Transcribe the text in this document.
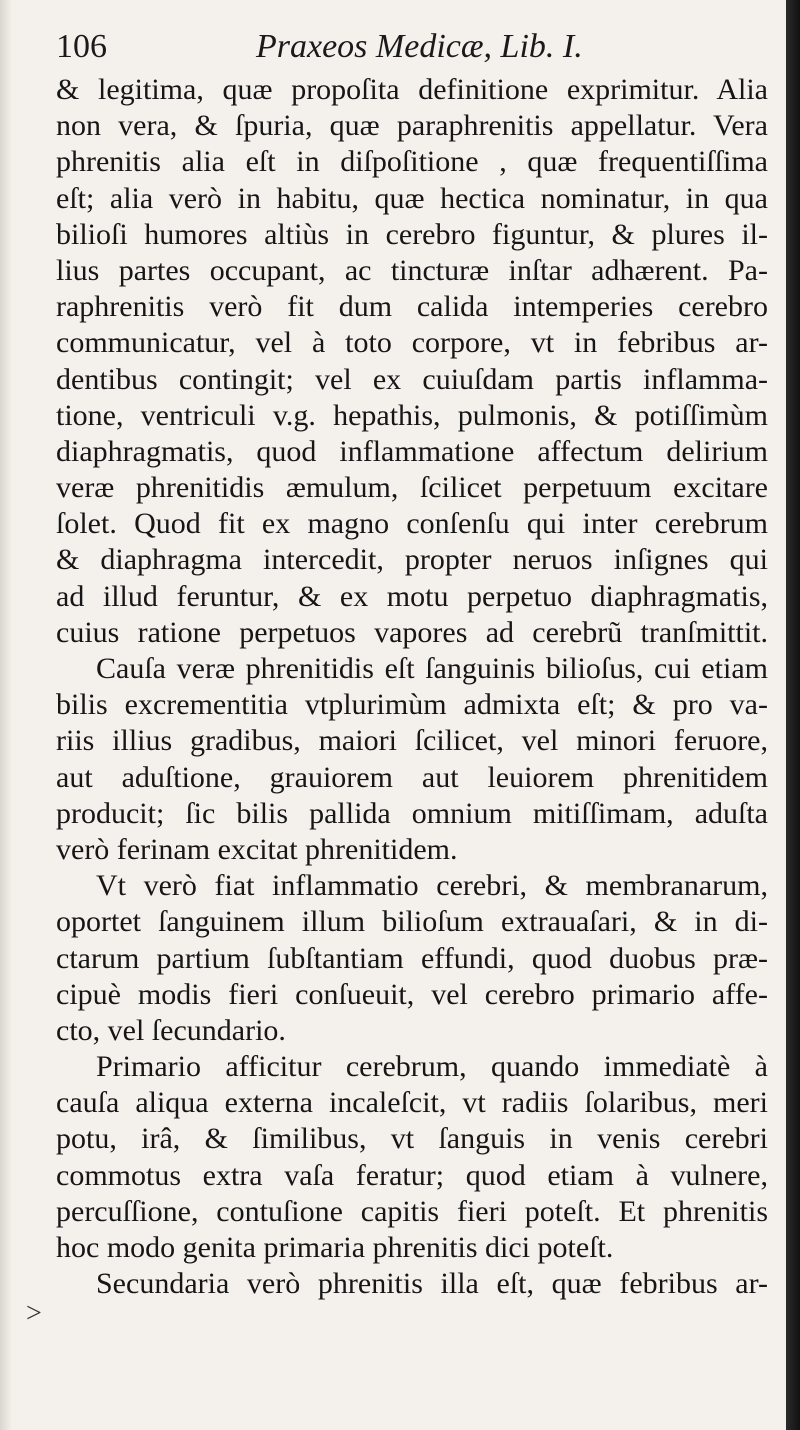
106	Praxeos Medicæ, Lib. I.
>
& legitima, quæ propoſita definitione exprimitur. Alia
non vera, & ſpuria, quæ paraphrenitis appellatur. Vera
phrenitis alia eſt in diſpoſitione , quæ frequentiſſima
eſt; alia verò in habitu, quæ hectica nominatur, in qua
bilioſi humores altiùs in cerebro figuntur, & plures il-
lius partes occupant, ac tincturæ inſtar adhærent. Pa-
raphrenitis verò fit dum calida intemperies cerebro
communicatur, vel à toto corpore, vt in febribus ar-
dentibus contingit; vel ex cuiuſdam partis inflamma-
tione, ventriculi v.g. hepathis, pulmonis, & potiſſimùm
diaphragmatis, quod inflammatione affectum delirium
veræ phrenitidis æmulum, ſcilicet perpetuum excitare
ſolet. Quod fit ex magno conſenſu qui inter cerebrum
& diaphragma intercedit, propter neruos inſignes qui
ad illud feruntur, & ex motu perpetuo diaphragmatis,
cuius ratione perpetuos vapores ad cerebrũ tranſmittit.
Cauſa veræ phrenitidis eſt ſanguinis bilioſus, cui etiam
bilis excrementitia vtplurimùm admixta eſt; & pro va-
riis illius gradibus, maiori ſcilicet, vel minori feruore,
aut aduſtione, grauiorem aut leuiorem phrenitidem
producit; ſic bilis pallida omnium mitiſſimam, aduſta
verò ferinam excitat phrenitidem.
Vt verò fiat inflammatio cerebri, & membranarum,
oportet ſanguinem illum bilioſum extrauaſari, & in di-
ctarum partium ſubſtantiam effundi, quod duobus præ-
cipuè modis fieri conſueuit, vel cerebro primario affe-
cto, vel ſecundario.
Primario afficitur cerebrum, quando immediatè à
cauſa aliqua externa incaleſcit, vt radiis ſolaribus, meri
potu, irâ, & ſimilibus, vt ſanguis in venis cerebri
commotus extra vaſa feratur; quod etiam à vulnere,
percuſſione, contuſione capitis fieri poteſt. Et phrenitis
hoc modo genita primaria phrenitis dici poteſt.
Secundaria verò phrenitis illa eſt, quæ febribus ar-
